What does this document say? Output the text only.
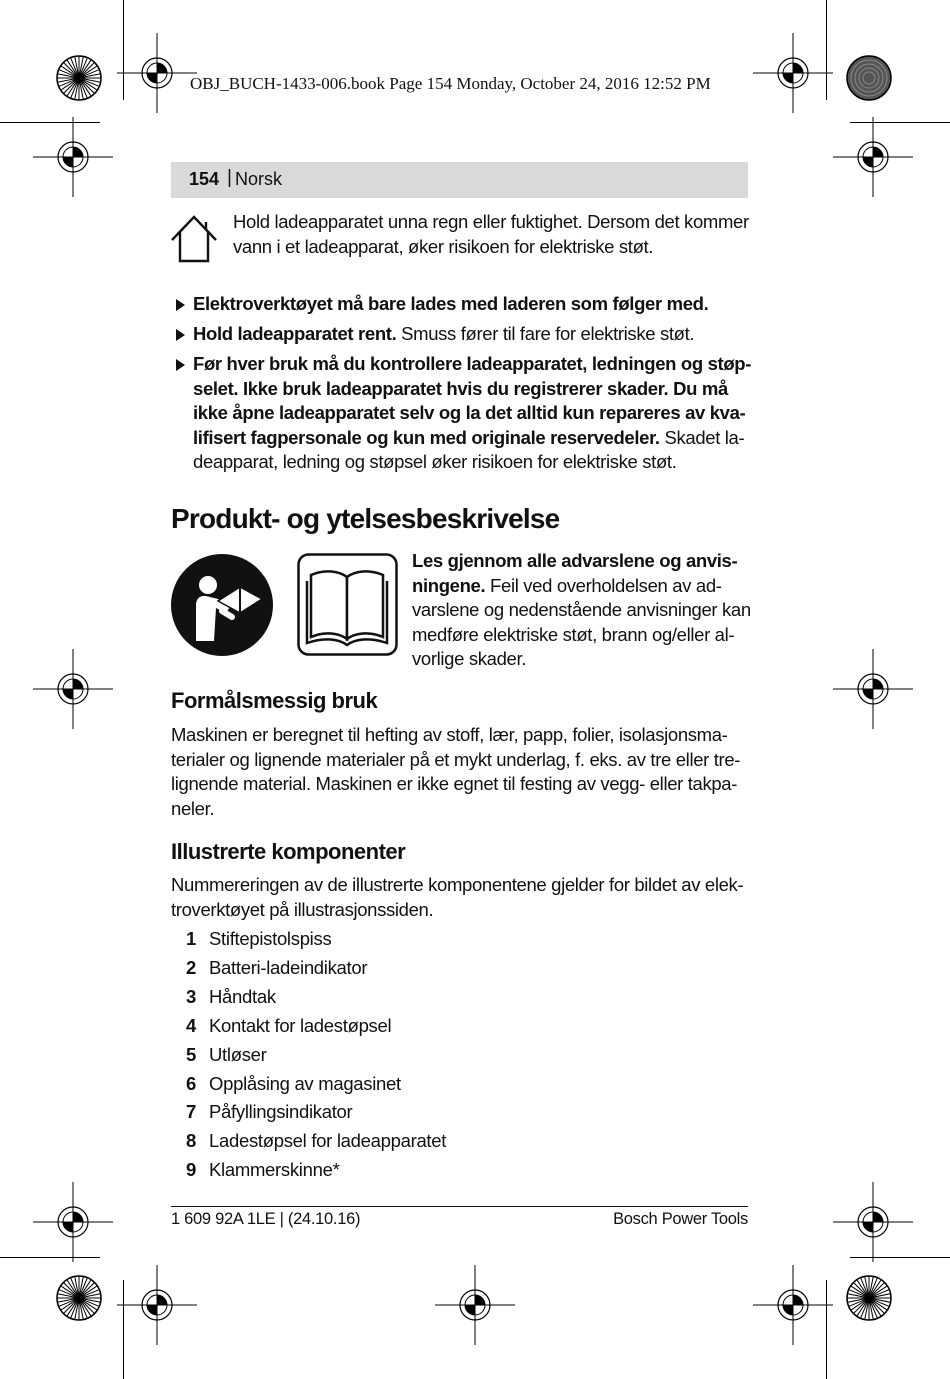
OBJ_BUCH-1433-006.book Page 154 Monday, October 24, 2016 12:52 PM
154 | Norsk
Hold ladeapparatet unna regn eller fuktighet. Dersom det kommer
vann i et ladeapparat, øker risikoen for elektriske støt.
Elektroverktøyet må bare lades med laderen som følger med.
Hold ladeapparatet rent. Smuss fører til fare for elektriske støt.
Før hver bruk må du kontrollere ladeapparatet, ledningen og støp-
selet. Ikke bruk ladeapparatet hvis du registrerer skader. Du må
ikke åpne ladeapparatet selv og la det alltid kun repareres av kva-
lifisert fagpersonale og kun med originale reservedeler. Skadet la-
deapparat, ledning og støpsel øker risikoen for elektriske støt.
Produkt- og ytelsesbeskrivelse
Les gjennom alle advarslene og anvis-
ningene. Feil ved overholdelsen av ad-
varslene og nedenstående anvisninger kan
medføre elektriske støt, brann og/eller al-
vorlige skader.
Formålsmessig bruk
Maskinen er beregnet til hefting av stoff, lær, papp, folier, isolasjonsma-
terialer og lignende materialer på et mykt underlag, f. eks. av tre eller tre-
lignende material. Maskinen er ikke egnet til festing av vegg- eller takpa-
neler.
Illustrerte komponenter
Nummereringen av de illustrerte komponentene gjelder for bildet av elek-
troverktøyet på illustrasjonssiden.
1 Stiftepistolspiss
2 Batteri-ladeindikator
3 Håndtak
4 Kontakt for ladestøpsel
5 Utløser
6 Opplåsing av magasinet
7 Påfyllingsindikator
8 Ladestøpsel for ladeapparatet
9 Klammerskinne*
1 609 92A 1LE | (24.10.16)	Bosch Power Tools
